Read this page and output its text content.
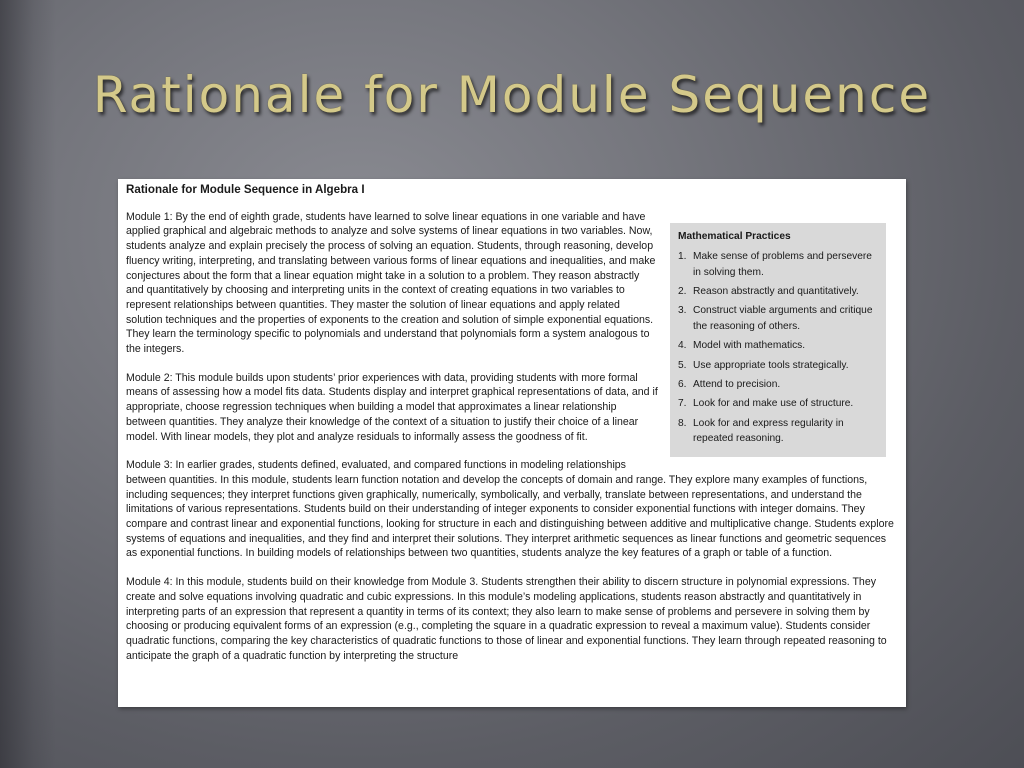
Rationale for Module Sequence
Rationale for Module Sequence in Algebra I
Mathematical Practices
1. Make sense of problems and persevere in solving them.
2. Reason abstractly and quantitatively.
3. Construct viable arguments and critique the reasoning of others.
4. Model with mathematics.
5. Use appropriate tools strategically.
6. Attend to precision.
7. Look for and make use of structure.
8. Look for and express regularity in repeated reasoning.

Module 1: By the end of eighth grade, students have learned to solve linear equations in one variable and have applied graphical and algebraic methods to analyze and solve systems of linear equations in two variables. Now, students analyze and explain precisely the process of solving an equation. Students, through reasoning, develop fluency writing, interpreting, and translating between various forms of linear equations and inequalities, and make conjectures about the form that a linear equation might take in a solution to a problem. They reason abstractly and quantitatively by choosing and interpreting units in the context of creating equations in two variables to represent relationships between quantities. They master the solution of linear equations and apply related solution techniques and the properties of exponents to the creation and solution of simple exponential equations. They learn the terminology specific to polynomials and understand that polynomials form a system analogous to the integers.

Module 2: This module builds upon students’ prior experiences with data, providing students with more formal means of assessing how a model fits data. Students display and interpret graphical representations of data, and if appropriate, choose regression techniques when building a model that approximates a linear relationship between quantities. They analyze their knowledge of the context of a situation to justify their choice of a linear model. With linear models, they plot and analyze residuals to informally assess the goodness of fit.

Module 3: In earlier grades, students defined, evaluated, and compared functions in modeling relationships between quantities. In this module, students learn function notation and develop the concepts of domain and range. They explore many examples of functions, including sequences; they interpret functions given graphically, numerically, symbolically, and verbally, translate between representations, and understand the limitations of various representations. Students build on their understanding of integer exponents to consider exponential functions with integer domains. They compare and contrast linear and exponential functions, looking for structure in each and distinguishing between additive and multiplicative change. Students explore systems of equations and inequalities, and they find and interpret their solutions. They interpret arithmetic sequences as linear functions and geometric sequences as exponential functions. In building models of relationships between two quantities, students analyze the key features of a graph or table of a function.

Module 4: In this module, students build on their knowledge from Module 3. Students strengthen their ability to discern structure in polynomial expressions. They create and solve equations involving quadratic and cubic expressions. In this module’s modeling applications, students reason abstractly and quantitatively in interpreting parts of an expression that represent a quantity in terms of its context; they also learn to make sense of problems and persevere in solving them by choosing or producing equivalent forms of an expression (e.g., completing the square in a quadratic expression to reveal a maximum value). Students consider quadratic functions, comparing the key characteristics of quadratic functions to those of linear and exponential functions. They learn through repeated reasoning to anticipate the graph of a quadratic function by interpreting the structure
